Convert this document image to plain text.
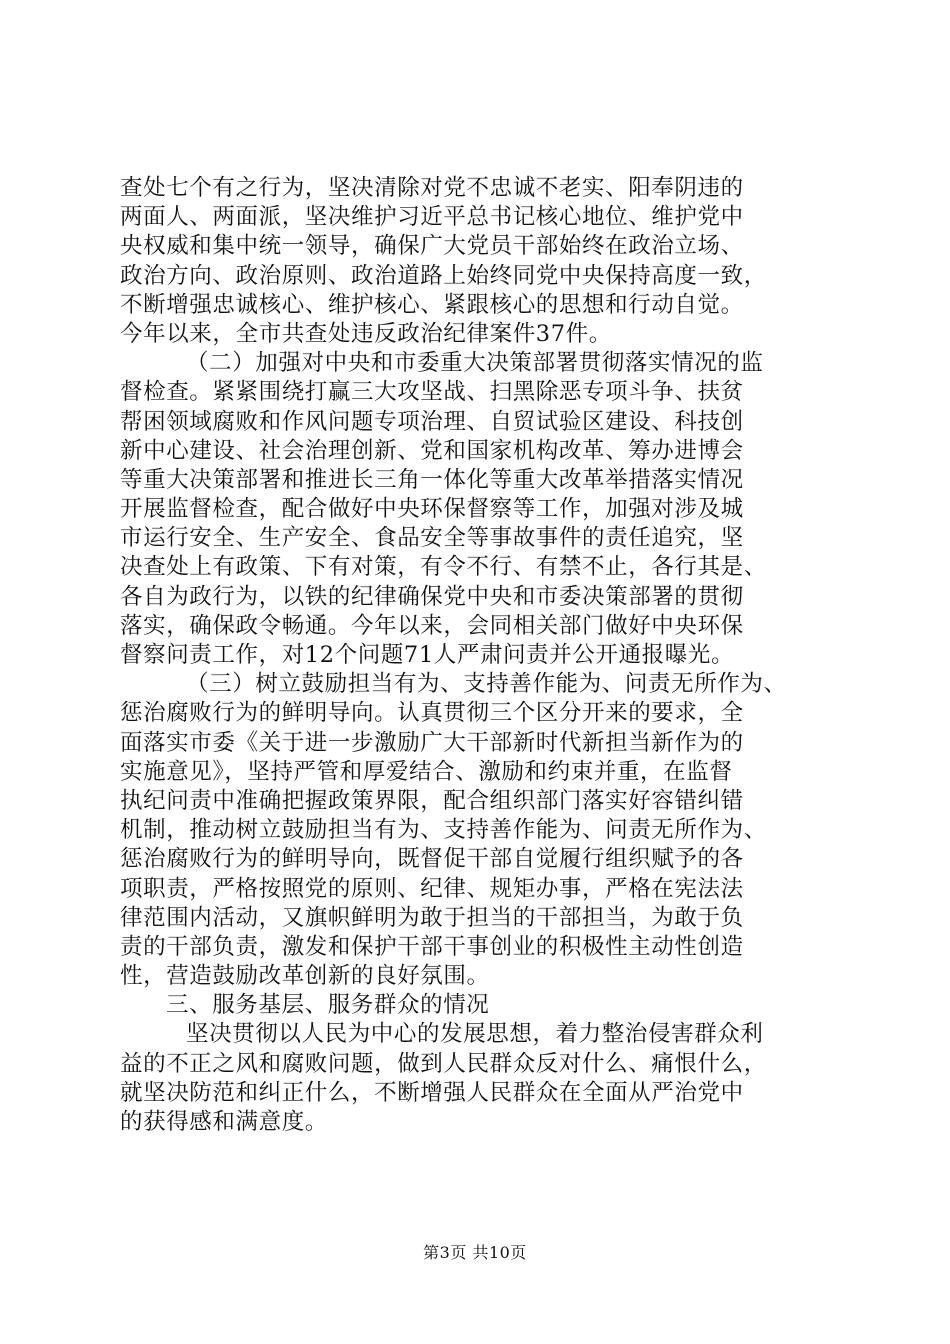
查处七个有之行为，坚决清除对党不忠诚不老实、阳奉阴违的
两面人、两面派，坚决维护习近平总书记核心地位、维护党中
央权威和集中统一领导，确保广大党员干部始终在政治立场、
政治方向、政治原则、政治道路上始终同党中央保持高度一致，
不断增强忠诚核心、维护核心、紧跟核心的思想和行动自觉。
今年以来，全市共查处违反政治纪律案件37件。
（二）加强对中央和市委重大决策部署贯彻落实情况的监
督检查。紧紧围绕打赢三大攻坚战、扫黑除恶专项斗争、扶贫
帮困领域腐败和作风问题专项治理、自贸试验区建设、科技创
新中心建设、社会治理创新、党和国家机构改革、筹办进博会
等重大决策部署和推进长三角一体化等重大改革举措落实情况
开展监督检查，配合做好中央环保督察等工作，加强对涉及城
市运行安全、生产安全、食品安全等事故事件的责任追究，坚
决查处上有政策、下有对策，有令不行、有禁不止，各行其是、
各自为政行为，以铁的纪律确保党中央和市委决策部署的贯彻
落实，确保政令畅通。今年以来，会同相关部门做好中央环保
督察问责工作，对12个问题71人严肃问责并公开通报曝光。
（三）树立鼓励担当有为、支持善作能为、问责无所作为、
惩治腐败行为的鲜明导向。认真贯彻三个区分开来的要求，全
面落实市委《关于进一步激励广大干部新时代新担当新作为的
实施意见》，坚持严管和厚爱结合、激励和约束并重，在监督
执纪问责中准确把握政策界限，配合组织部门落实好容错纠错
机制，推动树立鼓励担当有为、支持善作能为、问责无所作为、
惩治腐败行为的鲜明导向，既督促干部自觉履行组织赋予的各
项职责，严格按照党的原则、纪律、规矩办事，严格在宪法法
律范围内活动，又旗帜鲜明为敢于担当的干部担当，为敢于负
责的干部负责，激发和保护干部干事创业的积极性主动性创造
性，营造鼓励改革创新的良好氛围。
三、服务基层、服务群众的情况
坚决贯彻以人民为中心的发展思想，着力整治侵害群众利
益的不正之风和腐败问题，做到人民群众反对什么、痛恨什么，
就坚决防范和纠正什么，不断增强人民群众在全面从严治党中
的获得感和满意度。
第3页 共10页
